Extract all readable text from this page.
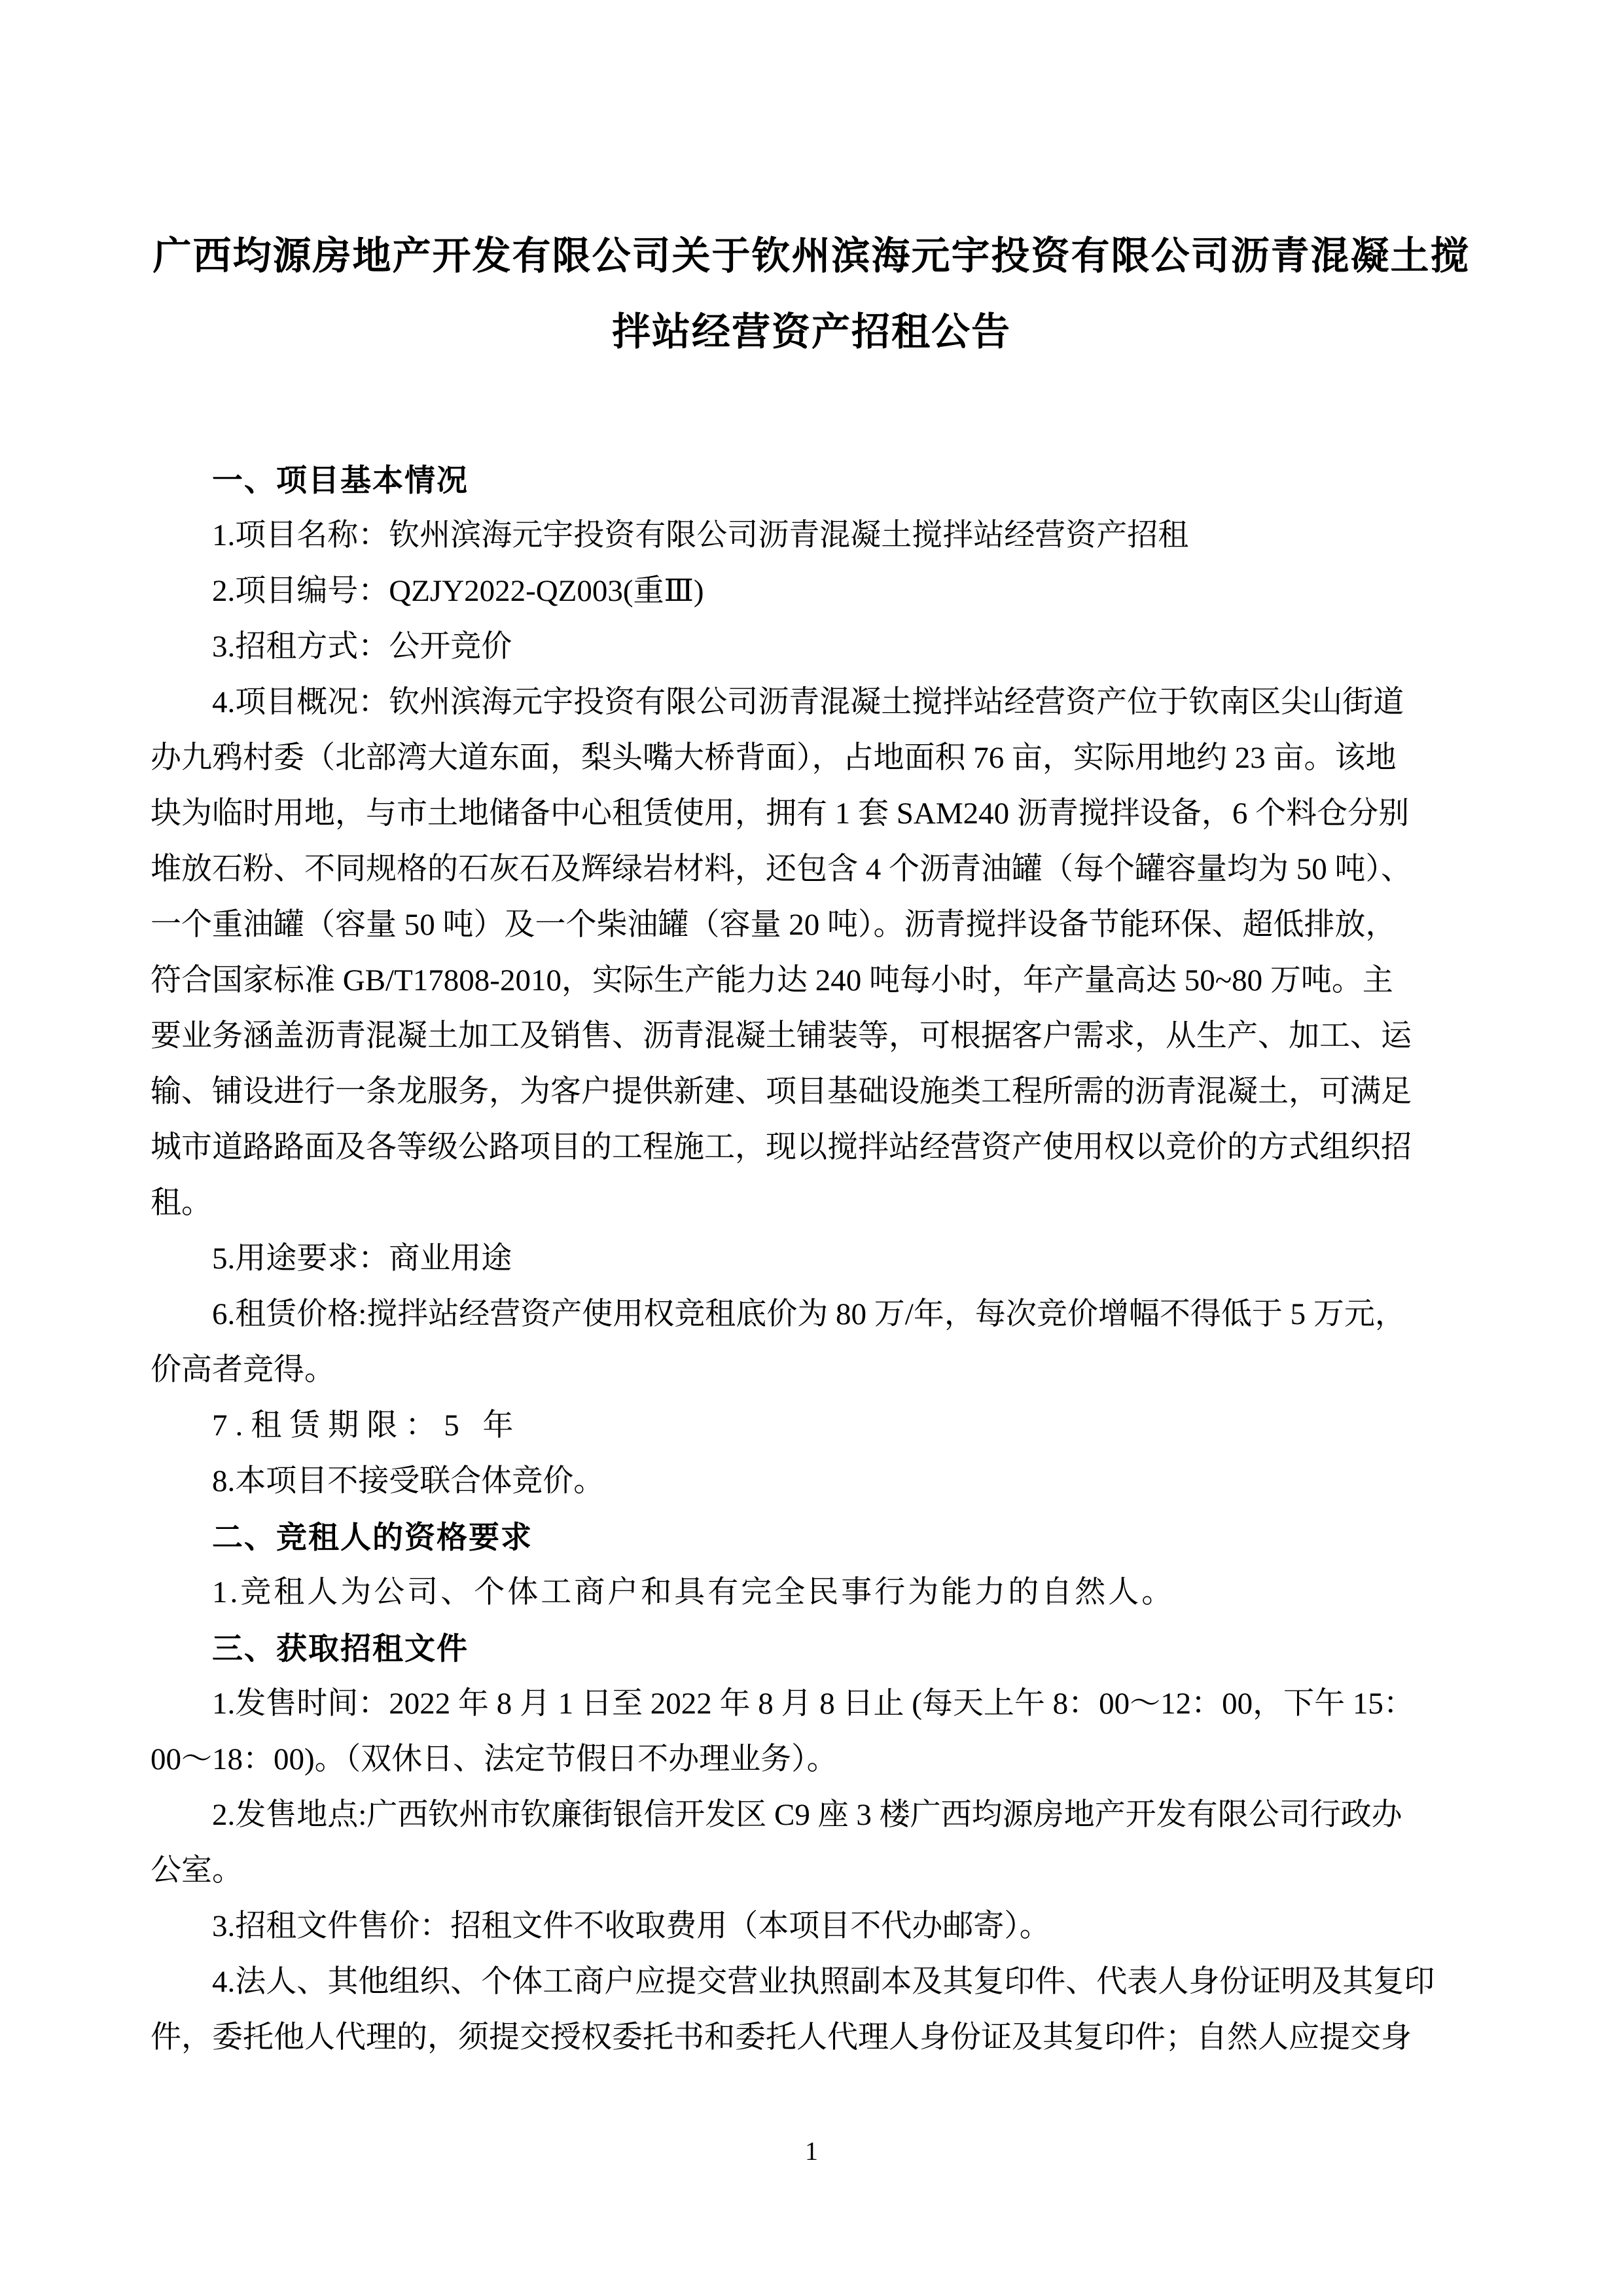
广西均源房地产开发有限公司关于钦州滨海元宇投资有限公司沥青混凝土搅
拌站经营资产招租公告
一、项目基本情况
1.项目名称：钦州滨海元宇投资有限公司沥青混凝土搅拌站经营资产招租
2.项目编号：QZJY2022-QZ003(重Ⅲ)
3.招租方式：公开竞价
4.项目概况：钦州滨海元宇投资有限公司沥青混凝土搅拌站经营资产位于钦南区尖山街道
办九鸦村委（北部湾大道东面，梨头嘴大桥背面），占地面积 76 亩，实际用地约 23 亩。该地
块为临时用地，与市土地储备中心租赁使用，拥有 1 套 SAM240 沥青搅拌设备，6 个料仓分别
堆放石粉、不同规格的石灰石及辉绿岩材料，还包含 4 个沥青油罐（每个罐容量均为 50 吨）、
一个重油罐（容量 50 吨）及一个柴油罐（容量 20 吨）。沥青搅拌设备节能环保、超低排放，
符合国家标准 GB/T17808-2010，实际生产能力达 240 吨每小时，年产量高达 50~80 万吨。主
要业务涵盖沥青混凝土加工及销售、沥青混凝土铺装等，可根据客户需求，从生产、加工、运
输、铺设进行一条龙服务，为客户提供新建、项目基础设施类工程所需的沥青混凝土，可满足
城市道路路面及各等级公路项目的工程施工，现以搅拌站经营资产使用权以竞价的方式组织招
租。
5.用途要求：商业用途
6.租赁价格:搅拌站经营资产使用权竞租底价为 80 万/年，每次竞价增幅不得低于 5 万元，
价高者竞得。
7.租赁期限：5 年
8.本项目不接受联合体竞价。
二、竞租人的资格要求
1.竞租人为公司、个体工商户和具有完全民事行为能力的自然人。
三、获取招租文件
1.发售时间：2022 年 8 月 1 日至 2022 年 8 月 8 日止 (每天上午 8：00～12：00，下午 15：
00～18：00)。（双休日、法定节假日不办理业务）。
2.发售地点:广西钦州市钦廉街银信开发区 C9 座 3 楼广西均源房地产开发有限公司行政办
公室。
3.招租文件售价：招租文件不收取费用（本项目不代办邮寄）。
4.法人、其他组织、个体工商户应提交营业执照副本及其复印件、代表人身份证明及其复印
件，委托他人代理的，须提交授权委托书和委托人代理人身份证及其复印件；自然人应提交身
1
